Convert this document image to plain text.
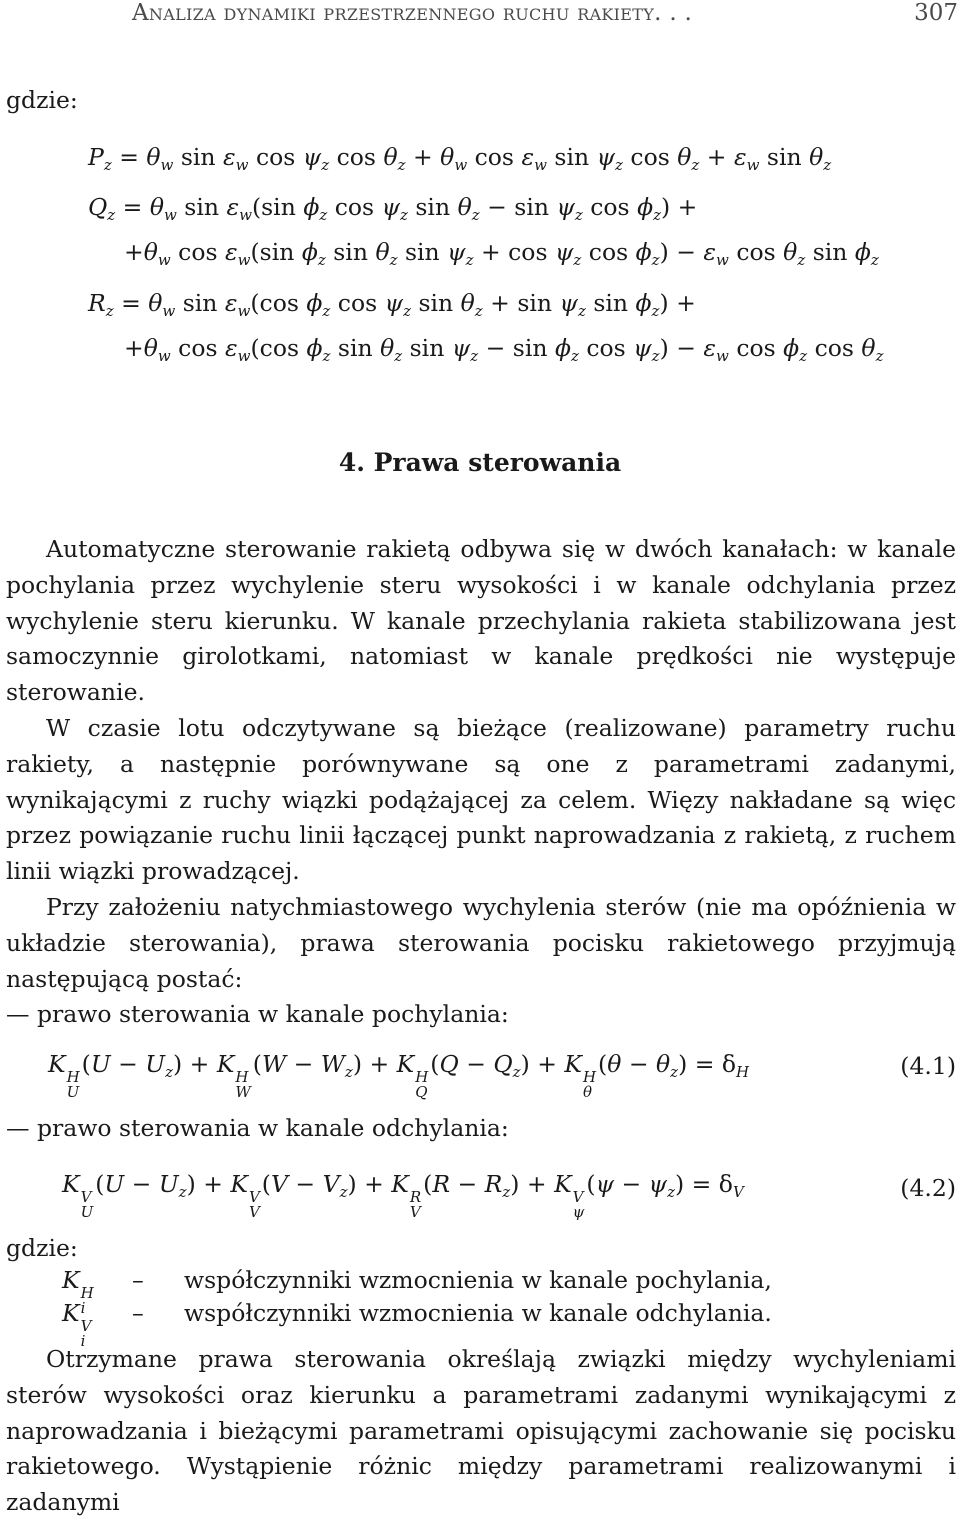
Analiza dynamiki przestrzennego ruchu rakiety. . .	307
gdzie:
$P_z = \theta_w$ $\sin \varepsilon_w$ $\cos \psi_z$ $\cos \theta_z + \theta_w$ $\cos \varepsilon_w$ $\sin \psi_z$ $\cos \theta_z + \varepsilon_w$ $\sin \theta_z$
$Q_z = \theta_w$ $\sin \varepsilon_w(\sin$ $\phi_z$ $\cos \psi_z$ $\sin \theta_z - \sin \psi_z$ $\cos \phi_z$) +
$+\theta_w$ $\cos \varepsilon_w(\sin$ $\phi_z$ $\sin \theta_z$ $\sin \psi_z + \cos \psi_z$ $\cos \phi_z) - \varepsilon_w$ $\cos \theta_z$ $\sin \phi_z$
$R_z = \theta_w$ $\sin \varepsilon_w(\cos$ $\phi_z$ $\cos \psi_z$ $\sin \theta_z + \sin \psi_z$ $\sin \phi_z$) +
$+\theta_w$ $\cos \varepsilon_w(\cos$ $\phi_z$ $\sin \theta_z$ $\sin \psi_z - \sin \phi_z$ $\cos \psi_z) - \varepsilon_w$ $\cos \phi_z$ $\cos \theta_z$
4. Prawa sterowania

Automatyczne sterowanie rakietą odbywa się w dwóch kanałach: w kanale pochylania przez wychylenie steru wysokości i w kanale odchylania przez wychylenie steru kierunku. W kanale przechylania rakieta stabilizowana jest samoczynnie girolotkami, natomiast w kanale prędkości nie występuje sterowanie.

W czasie lotu odczytywane są bieżące (realizowane) parametry ruchu rakiety, a następnie porównywane są one z parametrami zadanymi, wynikającymi z ruchy wiązki podążającej za celem. Więzy nakładane są więc przez powiązanie ruchu linii łączącej punkt naprowadzania z rakietą, z ruchem linii wiązki prowadzącej.

Przy założeniu natychmiastowego wychylenia sterów (nie ma opóźnienia w układzie sterowania), prawa sterowania pocisku rakietowego przyjmują następującą postać:

— prawo sterowania w kanale pochylania:

K H
U
$(U - U_z) + K$ H
W
$(W - W_z) + K$ H
Q
$(Q - Q_z) + K$ H
θ
$(\theta - \theta_z) = \delta_H$	(4.1)
— prawo sterowania w kanale odchylania:
K V
U
$(U - U_z) + K$ V
V
$(V - V_z) + K$ R
V
$(R - R_z) + K$ V
ψ
$(\psi - \psi_z) = \delta_V$	(4.2)
gdzie:
K H
i
– współczynniki wzmocnienia w kanale pochylania,
K V
i
– współczynniki wzmocnienia w kanale odchylania.

Otrzymane prawa sterowania określają związki między wychyleniami sterów wysokości oraz kierunku a parametrami zadanymi wynikającymi z naprowadzania i bieżącymi parametrami opisującymi zachowanie się pocisku rakietowego. Wystąpienie różnic między parametrami realizowanymi i zadanymi
